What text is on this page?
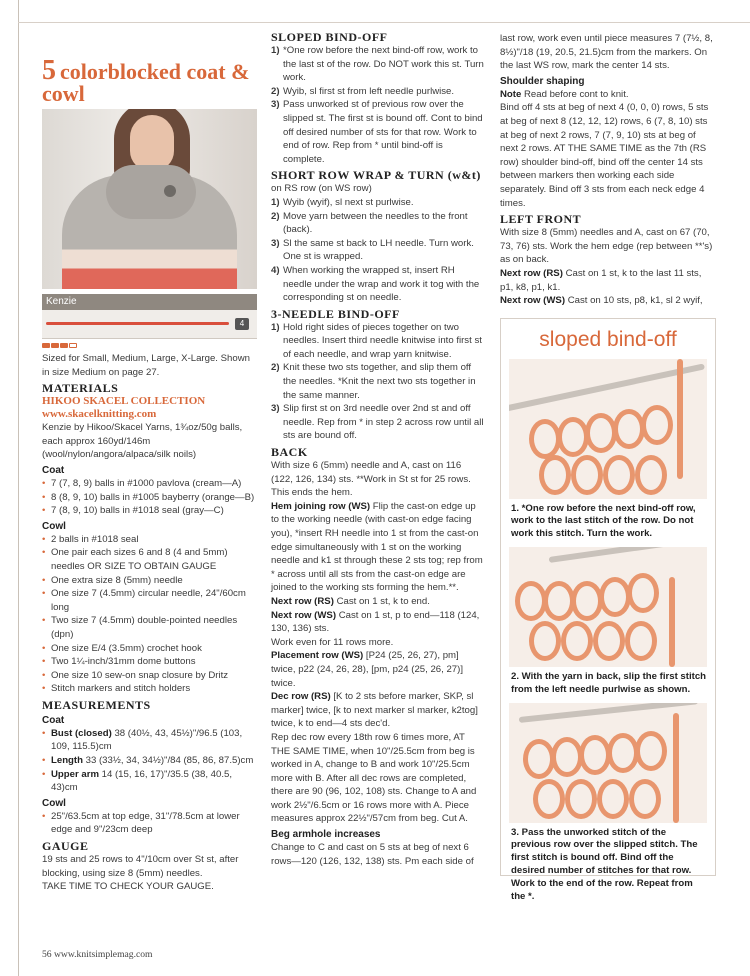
5 colorblocked coat & cowl
Kenzie
4

Sized for Small, Medium, Large, X-Large. Shown in size Medium on page 27.

MATERIALS
HIKOO SKACEL COLLECTION
www.skacelknitting.com

Kenzie by Hikoo/Skacel Yarns, 1¾oz/50g balls, each approx 160yd/146m (wool/nylon/angora/alpaca/silk noils)

Coat
• 7 (7, 8, 9) balls in #1000 pavlova (cream—A)
• 8 (8, 9, 10) balls in #1005 bayberry (orange—B)
• 7 (8, 9, 10) balls in #1018 seal (gray—C)
Cowl
• 2 balls in #1018 seal
• One pair each sizes 6 and 8 (4 and 5mm) needles OR SIZE TO OBTAIN GAUGE
• One extra size 8 (5mm) needle
• One size 7 (4.5mm) circular needle, 24"/60cm long
• Two size 7 (4.5mm) double-pointed needles (dpn)
• One size E/4 (3.5mm) crochet hook
• Two 1¼-inch/31mm dome buttons
• One size 10 sew-on snap closure by Dritz
• Stitch markers and stitch holders
MEASUREMENTS
Coat
• Bust (closed) 38 (40½, 43, 45½)"/96.5 (103, 109, 115.5)cm
• Length 33 (33½, 34, 34½)"/84 (85, 86, 87.5)cm
• Upper arm 14 (15, 16, 17)"/35.5 (38, 40.5, 43)cm
Cowl
• 25"/63.5cm at top edge, 31"/78.5cm at lower edge and 9"/23cm deep
GAUGE

19 sts and 25 rows to 4"/10cm over St st, after blocking, using size 8 (5mm) needles.

TAKE TIME TO CHECK YOUR GAUGE.

SLOPED BIND-OFF
1) *One row before the next bind-off row, work to the last st of the row. Do NOT work this st. Turn work.
2) Wyib, sl first st from left needle purlwise.
3) Pass unworked st of previous row over the slipped st. The first st is bound off. Cont to bind off desired number of sts for that row. Work to end of row. Rep from * until bind-off is complete.
SHORT ROW WRAP & TURN (w&t)

on RS row (on WS row)

1) Wyib (wyif), sl next st purlwise.
2) Move yarn between the needles to the front (back).
3) Sl the same st back to LH needle. Turn work. One st is wrapped.
4) When working the wrapped st, insert RH needle under the wrap and work it tog with the corresponding st on needle.
3-NEEDLE BIND-OFF
1) Hold right sides of pieces together on two needles. Insert third needle knitwise into first st of each needle, and wrap yarn knitwise.
2) Knit these two sts together, and slip them off the needles. *Knit the next two sts together in the same manner.
3) Slip first st on 3rd needle over 2nd st and off needle. Rep from * in step 2 across row until all sts are bound off.
BACK

With size 6 (5mm) needle and A, cast on 116 (122, 126, 134) sts. **Work in St st for 25 rows. This ends the hem.

Hem joining row (WS) Flip the cast-on edge up to the working needle (with cast-on edge facing you), *insert RH needle into 1 st from the cast-on edge simultaneously with 1 st on the working needle and k1 st through these 2 sts tog; rep from * across until all sts from the cast-on edge are joined to the working sts forming the hem.**.

Next row (RS) Cast on 1 st, k to end.

Next row (WS) Cast on 1 st, p to end—118 (124, 130, 136) sts.

Work even for 11 rows more.

Placement row (WS) [P24 (25, 26, 27), pm] twice, p22 (24, 26, 28), [pm, p24 (25, 26, 27)] twice.

Dec row (RS) [K to 2 sts before marker, SKP, sl marker] twice, [k to next marker sl marker, k2tog] twice, k to end—4 sts dec'd.

Rep dec row every 18th row 6 times more, AT THE SAME TIME, when 10"/25.5cm from beg is worked in A, change to B and work 10"/25.5cm more with B. After all dec rows are completed, there are 90 (96, 102, 108) sts. Change to A and work 2½"/6.5cm or 16 rows more with A. Piece measures approx 22½"/57cm from beg. Cut A.

Beg armhole increases

Change to C and cast on 5 sts at beg of next 6 rows—120 (126, 132, 138) sts. Pm each side of

last row, work even until piece measures 7 (7½, 8, 8½)"/18 (19, 20.5, 21.5)cm from the markers. On the last WS row, mark the center 14 sts.

Shoulder shaping

Note Read before cont to knit.

Bind off 4 sts at beg of next 4 (0, 0, 0) rows, 5 sts at beg of next 8 (12, 12, 12) rows, 6 (7, 8, 10) sts at beg of next 2 rows, 7 (7, 9, 10) sts at beg of next 2 rows. AT THE SAME TIME as the 7th (RS row) shoulder bind-off, bind off the center 14 sts between markers then working each side separately. Bind off 3 sts from each neck edge 4 times.

LEFT FRONT

With size 8 (5mm) needles and A, cast on 67 (70, 73, 76) sts. Work the hem edge (rep between **'s) as on back.

Next row (RS) Cast on 1 st, k to the last 11 sts, p1, k8, p1, k1.

Next row (WS) Cast on 10 sts, p8, k1, sl 2 wyif,

sloped bind-off
1. *One row before the next bind-off row, work to the last stitch of the row. Do not work this stitch. Turn the work.
2. With the yarn in back, slip the first stitch from the left needle purlwise as shown.
3. Pass the unworked stitch of the previous row over the slipped stitch. The first stitch is bound off. Bind off the desired number of stitches for that row. Work to the end of the row. Repeat from the *.
56 www.knitsimplemag.com
